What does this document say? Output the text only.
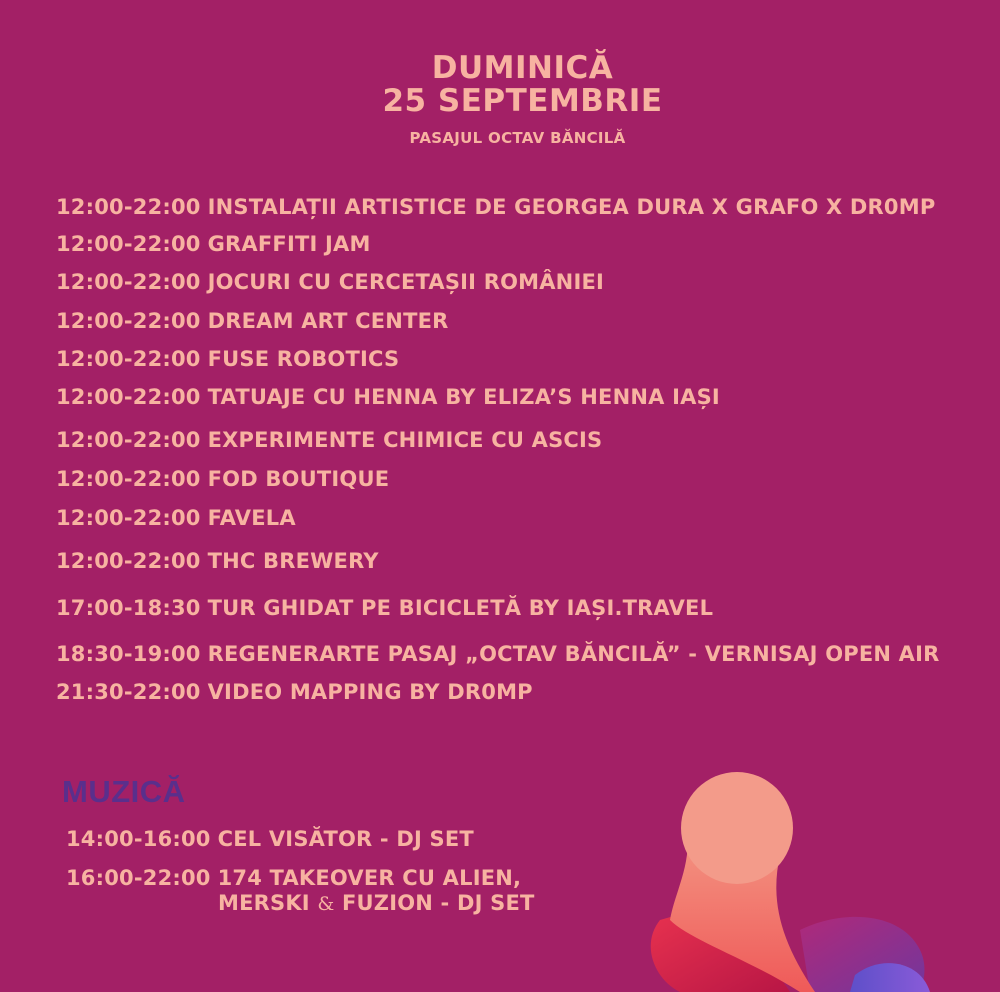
DUMINICĂ
25 SEPTEMBRIE
PASAJUL OCTAV BĂNCILĂ
12:00-22:00 INSTALAȚII ARTISTICE DE GEORGEA DURA X GRAFO X DR0MP
12:00-22:00 GRAFFITI JAM
12:00-22:00 JOCURI CU CERCETAȘII ROMÂNIEI
12:00-22:00 DREAM ART CENTER
12:00-22:00 FUSE ROBOTICS
12:00-22:00 TATUAJE CU HENNA BY ELIZA’S HENNA IAȘI
12:00-22:00 EXPERIMENTE CHIMICE CU ASCIS
12:00-22:00 FOD BOUTIQUE
12:00-22:00 FAVELA
12:00-22:00 THC BREWERY
17:00-18:30 TUR GHIDAT PE BICICLETĂ BY IAȘI.TRAVEL
18:30-19:00 REGENERARTE PASAJ „OCTAV BĂNCILĂ” - VERNISAJ OPEN AIR
21:30-22:00 VIDEO MAPPING BY DR0MP
MUZICĂ
14:00-16:00 CEL VISĂTOR - DJ SET
16:00-22:00 174 TAKEOVER CU ALIEN,
MERSKI & FUZION - DJ SET
